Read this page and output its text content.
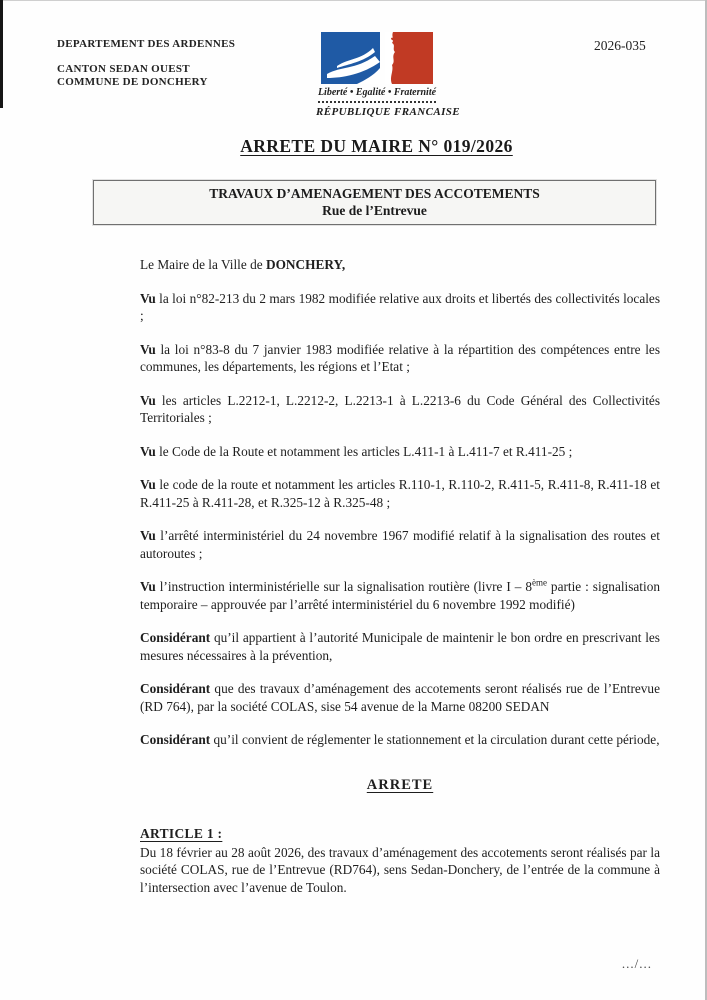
DEPARTEMENT DES ARDENNES
CANTON SEDAN OUEST
COMMUNE DE DONCHERY
Liberté • Egalité • Fraternité
RÉPUBLIQUE FRANCAISE
2026-035
ARRETE DU MAIRE N° 019/2026
TRAVAUX D’AMENAGEMENT DES ACCOTEMENTS
Rue de l’Entrevue

Le Maire de la Ville de DONCHERY,

Vu la loi n°82-213 du 2 mars 1982 modifiée relative aux droits et libertés des collectivités locales ;

Vu la loi n°83-8 du 7 janvier 1983 modifiée relative à la répartition des compétences entre les communes, les départements, les régions et l’Etat ;

Vu les articles L.2212-1, L.2212-2, L.2213-1 à L.2213-6 du Code Général des Collectivités Territoriales ;

Vu le Code de la Route et notamment les articles L.411-1 à L.411-7 et R.411-25 ;

Vu le code de la route et notamment les articles R.110-1, R.110-2, R.411-5, R.411-8, R.411-18 et R.411-25 à R.411-28, et R.325-12 à R.325-48 ;

Vu l’arrêté interministériel du 24 novembre 1967 modifié relatif à la signalisation des routes et autoroutes ;

Vu l’instruction interministérielle sur la signalisation routière (livre I – 8ème partie : signalisation temporaire – approuvée par l’arrêté interministériel du 6 novembre 1992 modifié)

Considérant qu’il appartient à l’autorité Municipale de maintenir le bon ordre en prescrivant les mesures nécessaires à la prévention,

Considérant que des travaux d’aménagement des accotements seront réalisés rue de l’Entrevue (RD 764), par la société COLAS, sise 54 avenue de la Marne 08200 SEDAN

Considérant qu’il convient de réglementer le stationnement et la circulation durant cette période,

ARRETE
ARTICLE 1 :

Du 18 février au 28 août 2026, des travaux d’aménagement des accotements seront réalisés par la société COLAS, rue de l’Entrevue (RD764), sens Sedan-Donchery, de l’entrée de la commune à l’intersection avec l’avenue de Toulon.

.../...
